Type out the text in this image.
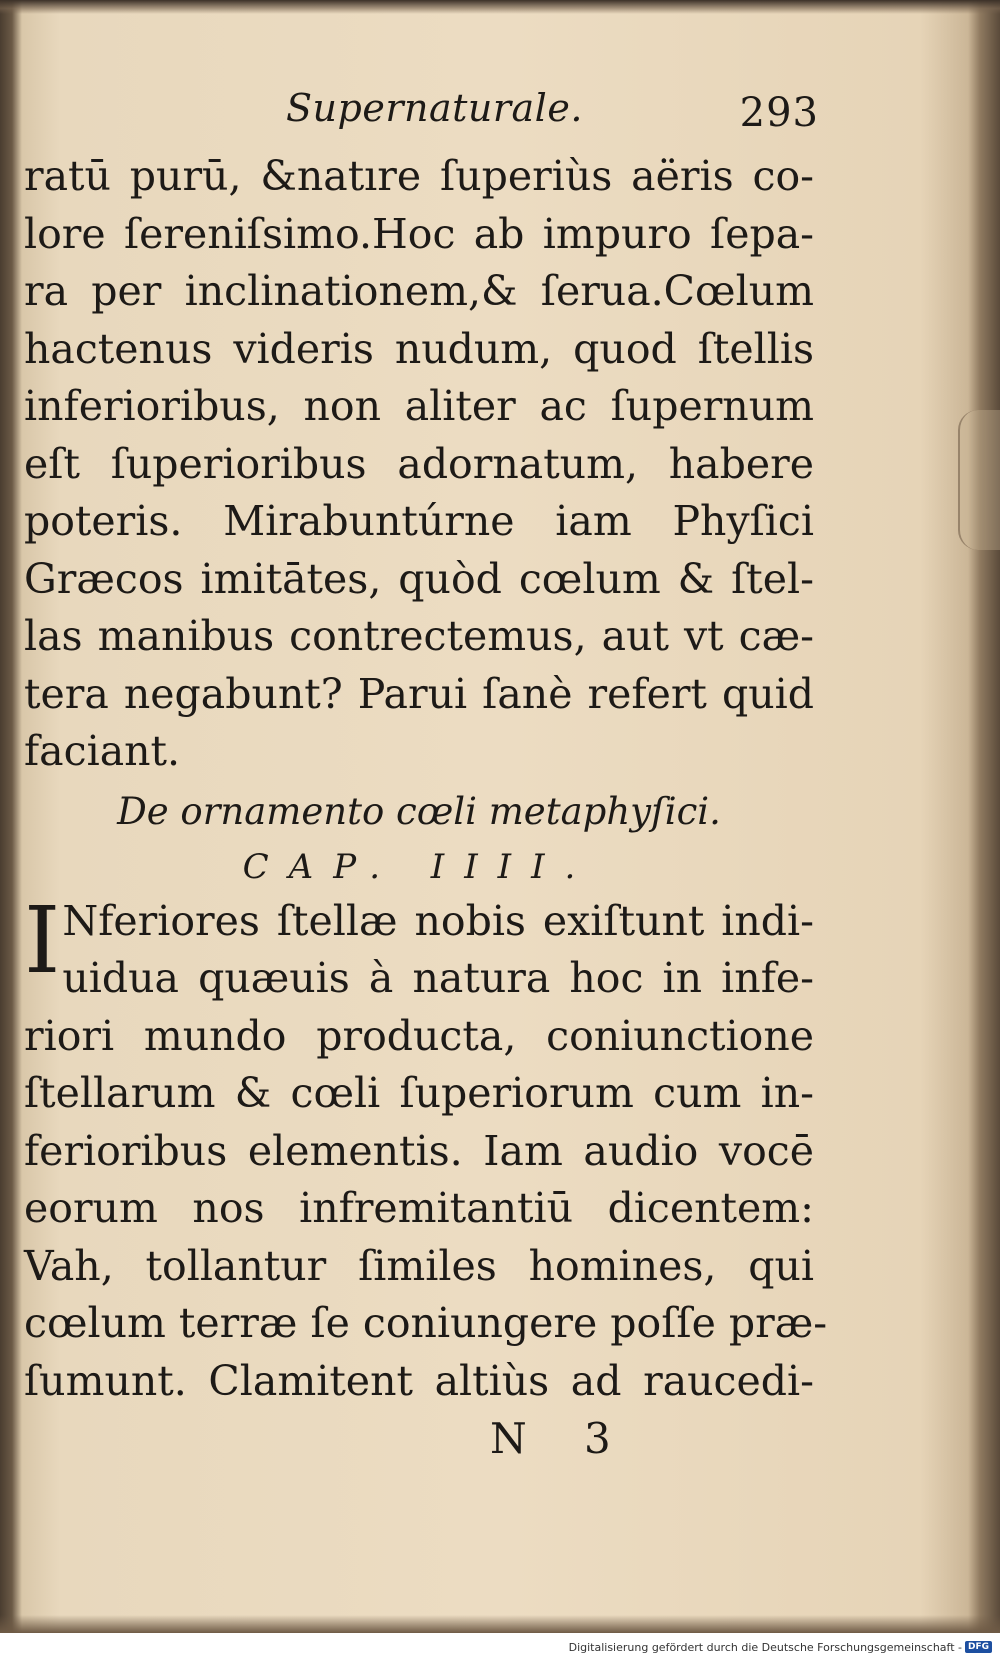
Supernaturale.	293
ratū purū, &natıre ſuperiùs aëris co-
lore ſereniſsimo.Hoc ab impuro ſepa-
ra per inclinationem,& ſerua.Cœlum
hactenus videris nudum, quod ſtellis
inferioribus, non aliter ac ſupernum
eſt ſuperioribus adornatum, habere
poteris. Mirabuntúrne iam Phyſici
Græcos imitātes, quòd cœlum & ſtel-
las manibus contrectemus, aut vt cæ-
tera negabunt? Parui ſanè refert quid
faciant.
De ornamento cœli metaphyſici.
CAP. IIII.
I Nferiores ſtellæ nobis exiſtunt indi-
uidua quæuis à natura hoc in infe-
riori mundo producta, coniunctione
ſtellarum & cœli ſuperiorum cum in-
ferioribus elementis. Iam audio vocē
eorum nos infremitantiū dicentem:
Vah, tollantur ſimiles homines, qui
cœlum terræ ſe coniungere poſſe præ-
ſumunt. Clamitent altiùs ad raucedi-
N 3
Digitalisierung gefördert durch die Deutsche Forschungsgemeinschaft - DFG
